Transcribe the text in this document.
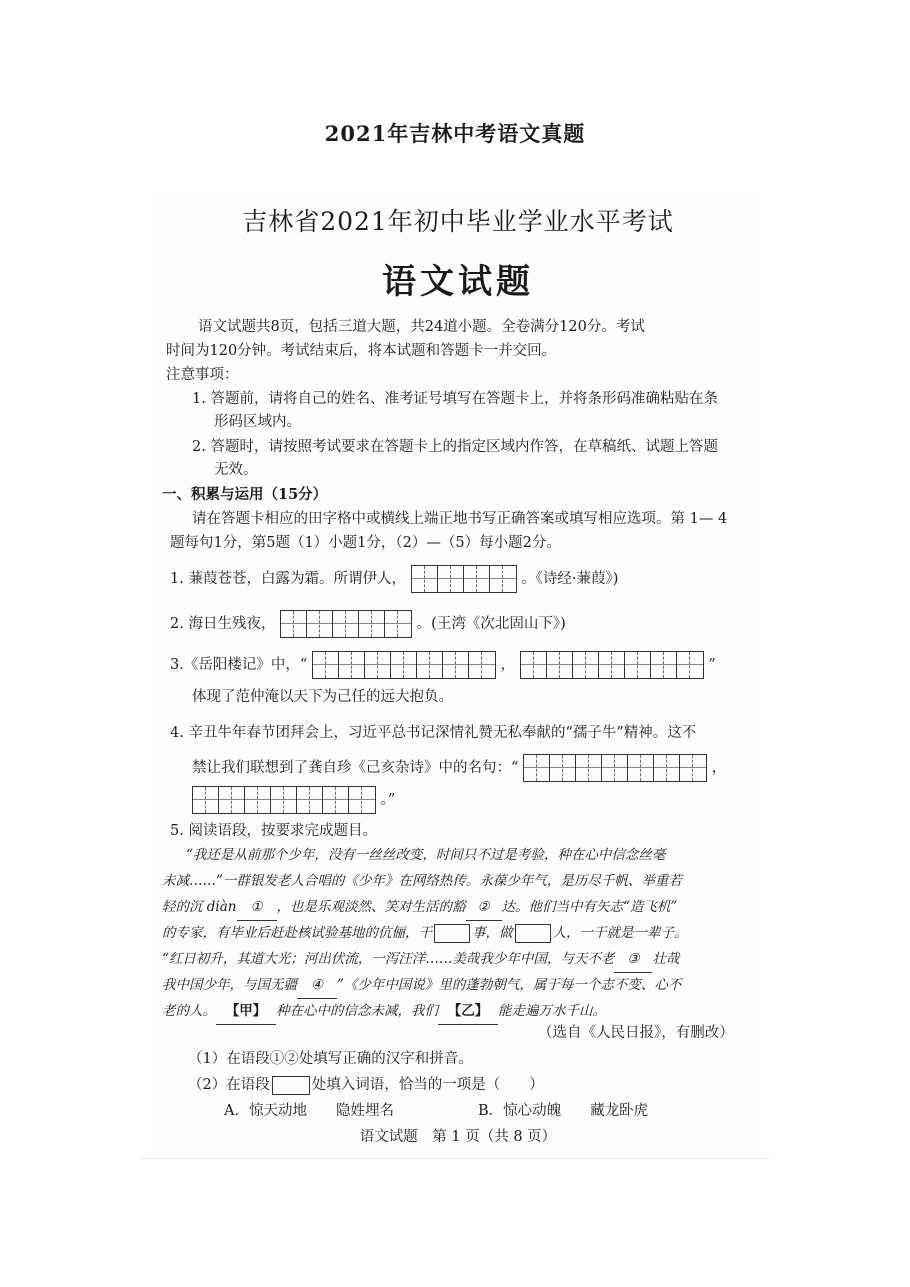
2021年吉林中考语文真题
吉林省2021年初中毕业学业水平考试
语文试题
语文试题共8页，包括三道大题，共24道小题。全卷满分120分。考试
时间为120分钟。考试结束后，将本试题和答题卡一并交回。
注意事项：
1. 答题前，请将自己的姓名、准考证号填写在答题卡上，并将条形码准确粘贴在条
形码区域内。
2. 答题时，请按照考试要求在答题卡上的指定区域内作答，在草稿纸、试题上答题
无效。
一、积累与运用（15分）
请在答题卡相应的田字格中或横线上端正地书写正确答案或填写相应选项。第 1— 4
题每句1分，第5题（1）小题1分，（2）—（5）每小题2分。
1. 蒹葭苍苍，白露为霜。所谓伊人，	。《诗经·蒹葭》)
2. 海日生残夜，	。(王湾《次北固山下》)
3.《岳阳楼记》中，“	，	”
体现了范仲淹以天下为己任的远大抱负。
4. 辛丑牛年春节团拜会上，习近平总书记深情礼赞无私奉献的“孺子牛”精神。这不
禁让我们联想到了龚自珍《己亥杂诗》中的名句：“	，
。”
5. 阅读语段，按要求完成题目。
“我还是从前那个少年，没有一丝丝改变，时间只不过是考验，种在心中信念丝毫
未减……”一群银发老人合唱的《少年》在网络热传。永葆少年气，是历尽千帆、举重若
轻的沉 diàn ① ，也是乐观淡然、笑对生活的豁 ② 达。他们当中有矢志“造飞机”
的专家，有毕业后赶赴核试验基地的伉俪，干	事，做	人，一干就是一辈子。
“红日初升，其道大光；河出伏流，一泻汪洋……美哉我少年中国，与天不老 ③ 壮哉
我中国少年，与国无疆 ④ ”《少年中国说》里的蓬勃朝气，属于每一个志不变、心不
老的人。 【甲】 种在心中的信念未减，我们 【乙】 能走遍万水千山。
（选自《人民日报》，有删改）
（1）在语段①②处填写正确的汉字和拼音。
（2）在语段	处填入词语，恰当的一项是（　　）
A．惊天动地　　隐姓埋名	B．惊心动魄　　藏龙卧虎
语文试题　第 1 页（共 8 页）
